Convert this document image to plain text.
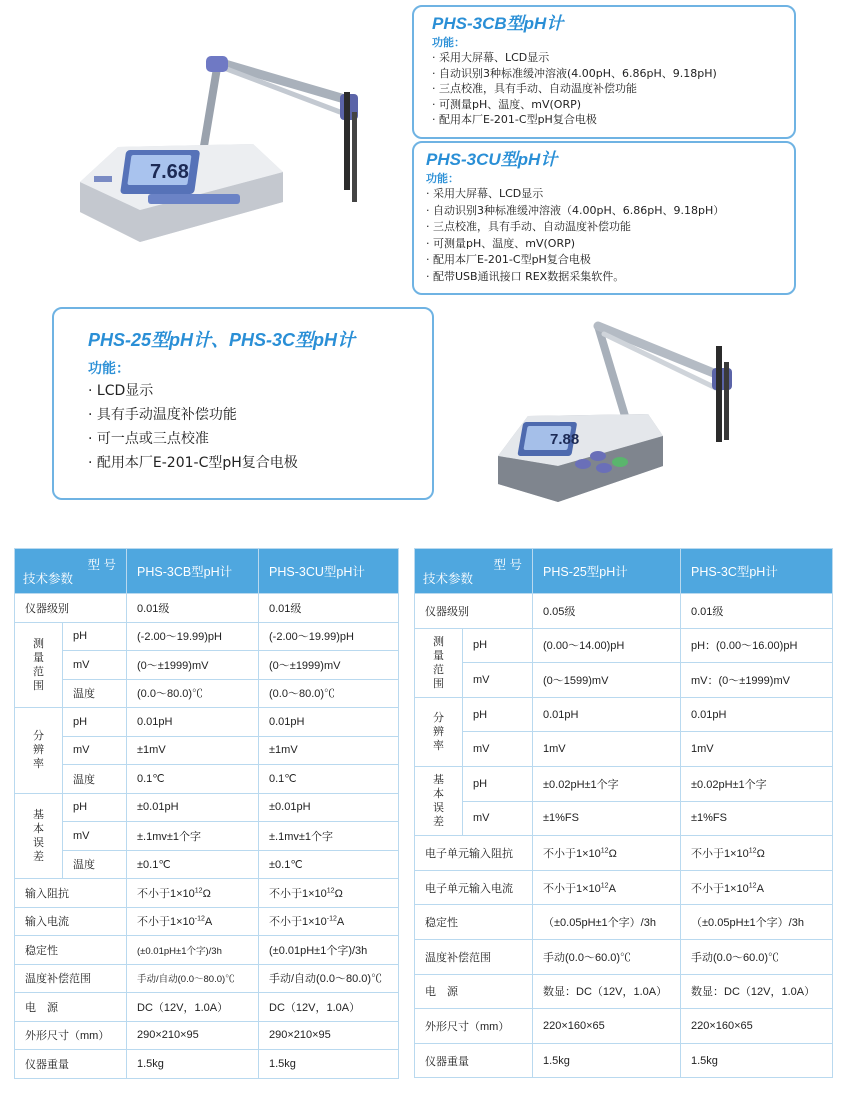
7.68
7.88
PHS-3CB型pH计
功能：
· 采用大屏幕、LCD显示
· 自动识别3种标准缓冲溶液(4.00pH、6.86pH、9.18pH)
· 三点校准，具有手动、自动温度补偿功能
· 可测量pH、温度、mV(ORP)
· 配用本厂E-201-C型pH复合电极
PHS-3CU型pH计
功能：
· 采用大屏幕、LCD显示
· 自动识别3种标准缓冲溶液（4.00pH、6.86pH、9.18pH）
· 三点校准，具有手动、自动温度补偿功能
· 可测量pH、温度、mV(ORP)
· 配用本厂E-201-C型pH复合电极
· 配带USB通讯接口 REX数据采集软件。
PHS-25型pH计、PHS-3C型pH计
功能：
· LCD显示
· 具有手动温度补偿功能
· 可一点或三点校准
· 配用本厂E-201-C型pH复合电极
型 号
技术参数		PHS-3CB型pH计	PHS-3CU型pH计
仪器级别		0.01级	0.01级
测量范围	pH	(-2.00～19.99)pH	(-2.00～19.99)pH
	mV	(0～±1999)mV	(0～±1999)mV
	温度	(0.0～80.0)℃	(0.0～80.0)℃
分辨率	pH	0.01pH	0.01pH
	mV	±1mV	±1mV
	温度	0.1℃	0.1℃
基本误差	pH	±0.01pH	±0.01pH
	mV	±.1mv±1个字	±.1mv±1个字
	温度	±0.1℃	±0.1℃
输入阻抗		不小于$1\times 10^{12}\Omega$	不小于$1\times 10^{12}\Omega$
输入电流		不小于$1\times 10^{-12}A$	不小于$1\times 10^{-12}A$
稳定性		(±0.01pH±1个字)/3h	(±0.01pH±1个字)/3h
温度补偿范围		手动/自动(0.0～80.0)℃	手动/自动(0.0～80.0)℃
电　源		DC（12V，1.0A）	DC（12V，1.0A）
外形尺寸（mm）		290×210×95	290×210×95
仪器重量		1.5kg	1.5kg
型 号
技术参数		PHS-25型pH计	PHS-3C型pH计
仪器级别		0.05级	0.01级
测量范围	pH	(0.00～14.00)pH	pH：(0.00～16.00)pH
	mV	(0～1599)mV	mV：(0～±1999)mV
分辨率	pH	0.01pH	0.01pH
	mV	1mV	1mV
基本误差	pH	±0.02pH±1个字	±0.02pH±1个字
	mV	±1%FS	±1%FS
电子单元输入阻抗		不小于$1\times 10^{12}\Omega$	不小于$1\times 10^{12}\Omega$
电子单元输入电流		不小于$1\times 10^{12}A$	不小于$1\times 10^{12}A$
稳定性		（±0.05pH±1个字）/3h	（±0.05pH±1个字）/3h
温度补偿范围		手动(0.0～60.0)℃	手动(0.0～60.0)℃
电　源		数显：DC（12V，1.0A）	数显：DC（12V，1.0A）
外形尺寸（mm）		220×160×65	220×160×65
仪器重量		1.5kg	1.5kg
